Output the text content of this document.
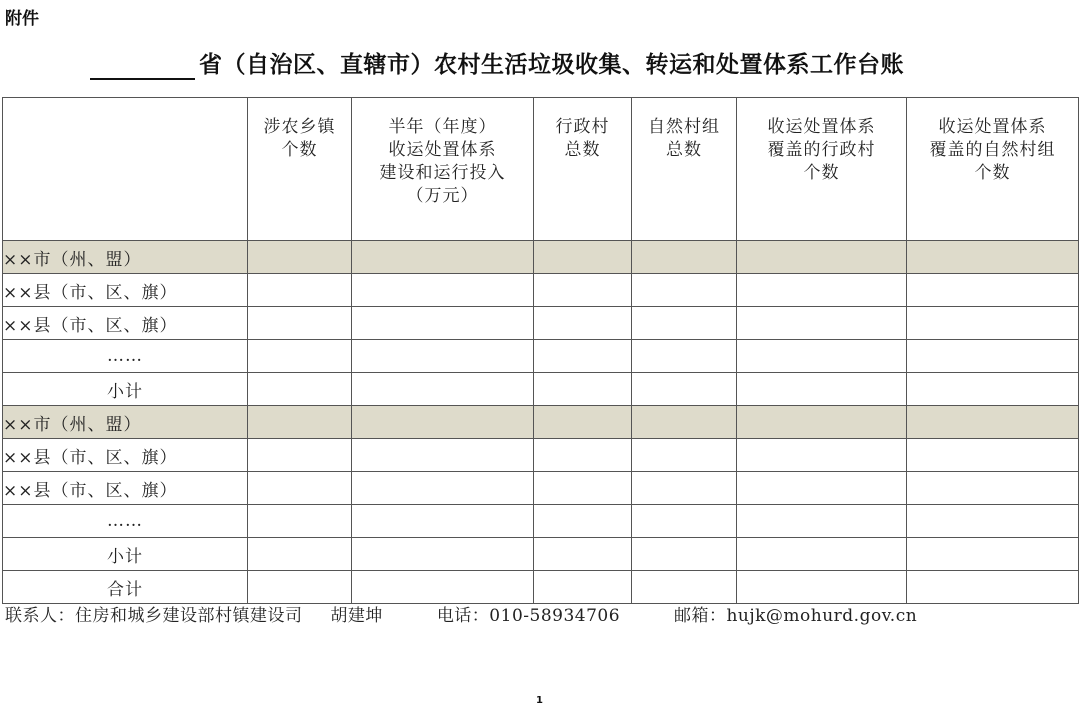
附件
省（自治区、直辖市）农村生活垃圾收集、转运和处置体系工作台账
	涉农乡镇
个数	半年（年度）
收运处置体系
建设和运行投入
（万元）	行政村
总数	自然村组
总数	收运处置体系
覆盖的行政村
个数	收运处置体系
覆盖的自然村组
个数
××市（州、盟）						
××县（市、区、旗）						
××县（市、区、旗）						
……						
小计						
××市（州、盟）						
××县（市、区、旗）						
××县（市、区、旗）						
……						
小计						
合计						
联系人：住房和城乡建设部村镇建设司 胡建坤	电话：010-58934706	邮箱：hujk@mohurd.gov.cn
1
